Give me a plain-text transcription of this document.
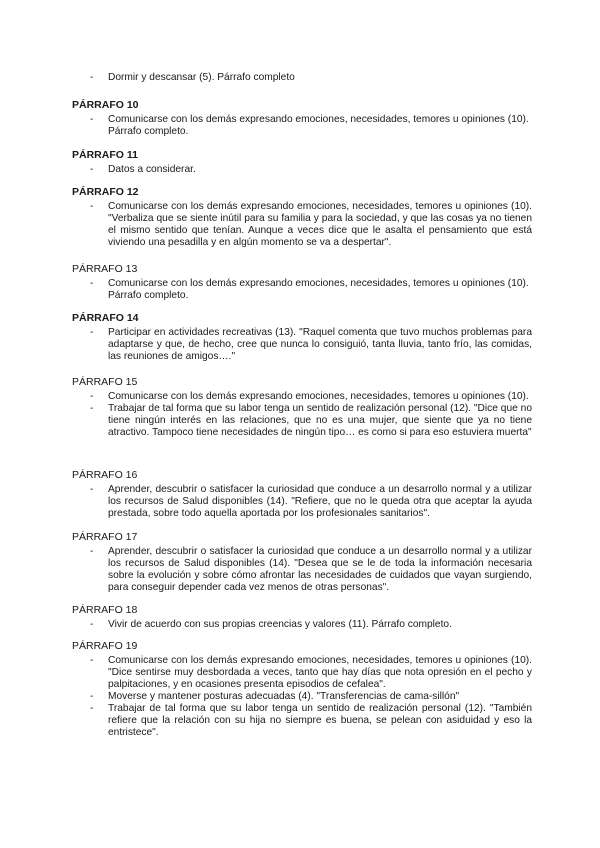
- Dormir y descansar (5). Párrafo completo
PÁRRAFO 10
- Comunicarse con los demás expresando emociones, necesidades, temores u opiniones (10). Párrafo completo.
PÁRRAFO 11
- Datos a considerar.
PÁRRAFO 12
- Comunicarse con los demás expresando emociones, necesidades, temores u opiniones (10). "Verbaliza que se siente inútil para su familia y para la sociedad, y que las cosas ya no tienen el mismo sentido que tenían. Aunque a veces dice que le asalta el pensamiento que está viviendo una pesadilla y en algún momento se va a despertar".
PÁRRAFO 13
- Comunicarse con los demás expresando emociones, necesidades, temores u opiniones (10). Párrafo completo.
PÁRRAFO 14
- Participar en actividades recreativas (13). "Raquel comenta que tuvo muchos problemas para adaptarse y que, de hecho, cree que nunca lo consiguió, tanta lluvia, tanto frío, las comidas, las reuniones de amigos…."
PÁRRAFO 15
- Comunicarse con los demás expresando emociones, necesidades, temores u opiniones (10).
- Trabajar de tal forma que su labor tenga un sentido de realización personal (12). "Dice que no tiene ningún interés en las relaciones, que no es una mujer, que siente que ya no tiene atractivo. Tampoco tiene necesidades de ningún tipo… es como si para eso estuviera muerta"
PÁRRAFO 16
- Aprender, descubrir o satisfacer la curiosidad que conduce a un desarrollo normal y a utilizar los recursos de Salud disponibles (14). "Refiere, que no le queda otra que aceptar la ayuda prestada, sobre todo aquella aportada por los profesionales sanitarios".
PÁRRAFO 17
- Aprender, descubrir o satisfacer la curiosidad que conduce a un desarrollo normal y a utilizar los recursos de Salud disponibles (14). "Desea que se le de toda la información necesaria sobre la evolución y sobre cómo afrontar las necesidades de cuidados que vayan surgiendo, para conseguir depender cada vez menos de otras personas".
PÁRRAFO 18
- Vivir de acuerdo con sus propias creencias y valores (11). Párrafo completo.
PÁRRAFO 19
- Comunicarse con los demás expresando emociones, necesidades, temores u opiniones (10). "Dice sentirse muy desbordada a veces, tanto que hay días que nota opresión en el pecho y palpitaciones, y en ocasiones presenta episodios de cefalea".
- Moverse y mantener posturas adecuadas (4). "Transferencias de cama-sillón"
- Trabajar de tal forma que su labor tenga un sentido de realización personal (12). "También refiere que la relación con su hija no siempre es buena, se pelean con asiduidad y eso la entristece".
